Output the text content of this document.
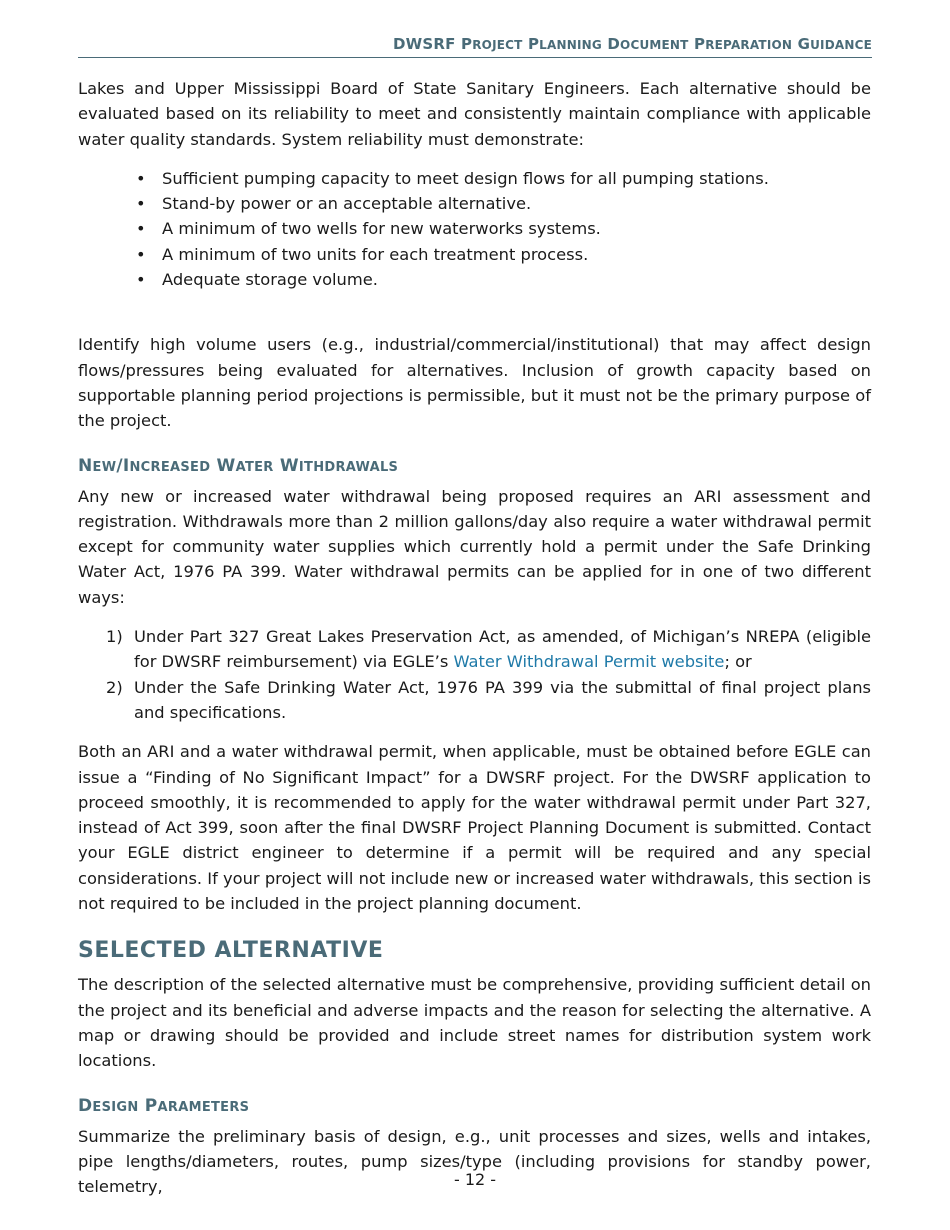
DWSRF PROJECT PLANNING DOCUMENT PREPARATION GUIDANCE

Lakes and Upper Mississippi Board of State Sanitary Engineers. Each alternative should be evaluated based on its reliability to meet and consistently maintain compliance with applicable water quality standards. System reliability must demonstrate:

• Sufficient pumping capacity to meet design flows for all pumping stations.
• Stand-by power or an acceptable alternative.
• A minimum of two wells for new waterworks systems.
• A minimum of two units for each treatment process.
• Adequate storage volume.

Identify high volume users (e.g., industrial/commercial/institutional) that may affect design flows/pressures being evaluated for alternatives. Inclusion of growth capacity based on supportable planning period projections is permissible, but it must not be the primary purpose of the project.

NEW/INCREASED WATER WITHDRAWALS

Any new or increased water withdrawal being proposed requires an ARI assessment and registration. Withdrawals more than 2 million gallons/day also require a water withdrawal permit except for community water supplies which currently hold a permit under the Safe Drinking Water Act, 1976 PA 399. Water withdrawal permits can be applied for in one of two different ways:

1) Under Part 327 Great Lakes Preservation Act, as amended, of Michigan’s NREPA (eligible for DWSRF reimbursement) via EGLE’s Water Withdrawal Permit website; or
2) Under the Safe Drinking Water Act, 1976 PA 399 via the submittal of final project plans and specifications.

Both an ARI and a water withdrawal permit, when applicable, must be obtained before EGLE can issue a “Finding of No Significant Impact” for a DWSRF project. For the DWSRF application to proceed smoothly, it is recommended to apply for the water withdrawal permit under Part 327, instead of Act 399, soon after the final DWSRF Project Planning Document is submitted. Contact your EGLE district engineer to determine if a permit will be required and any special considerations. If your project will not include new or increased water withdrawals, this section is not required to be included in the project planning document.

SELECTED ALTERNATIVE

The description of the selected alternative must be comprehensive, providing sufficient detail on the project and its beneficial and adverse impacts and the reason for selecting the alternative. A map or drawing should be provided and include street names for distribution system work locations.

DESIGN PARAMETERS

Summarize the preliminary basis of design, e.g., unit processes and sizes, wells and intakes, pipe lengths/diameters, routes, pump sizes/type (including provisions for standby power, telemetry,	- 12 -
